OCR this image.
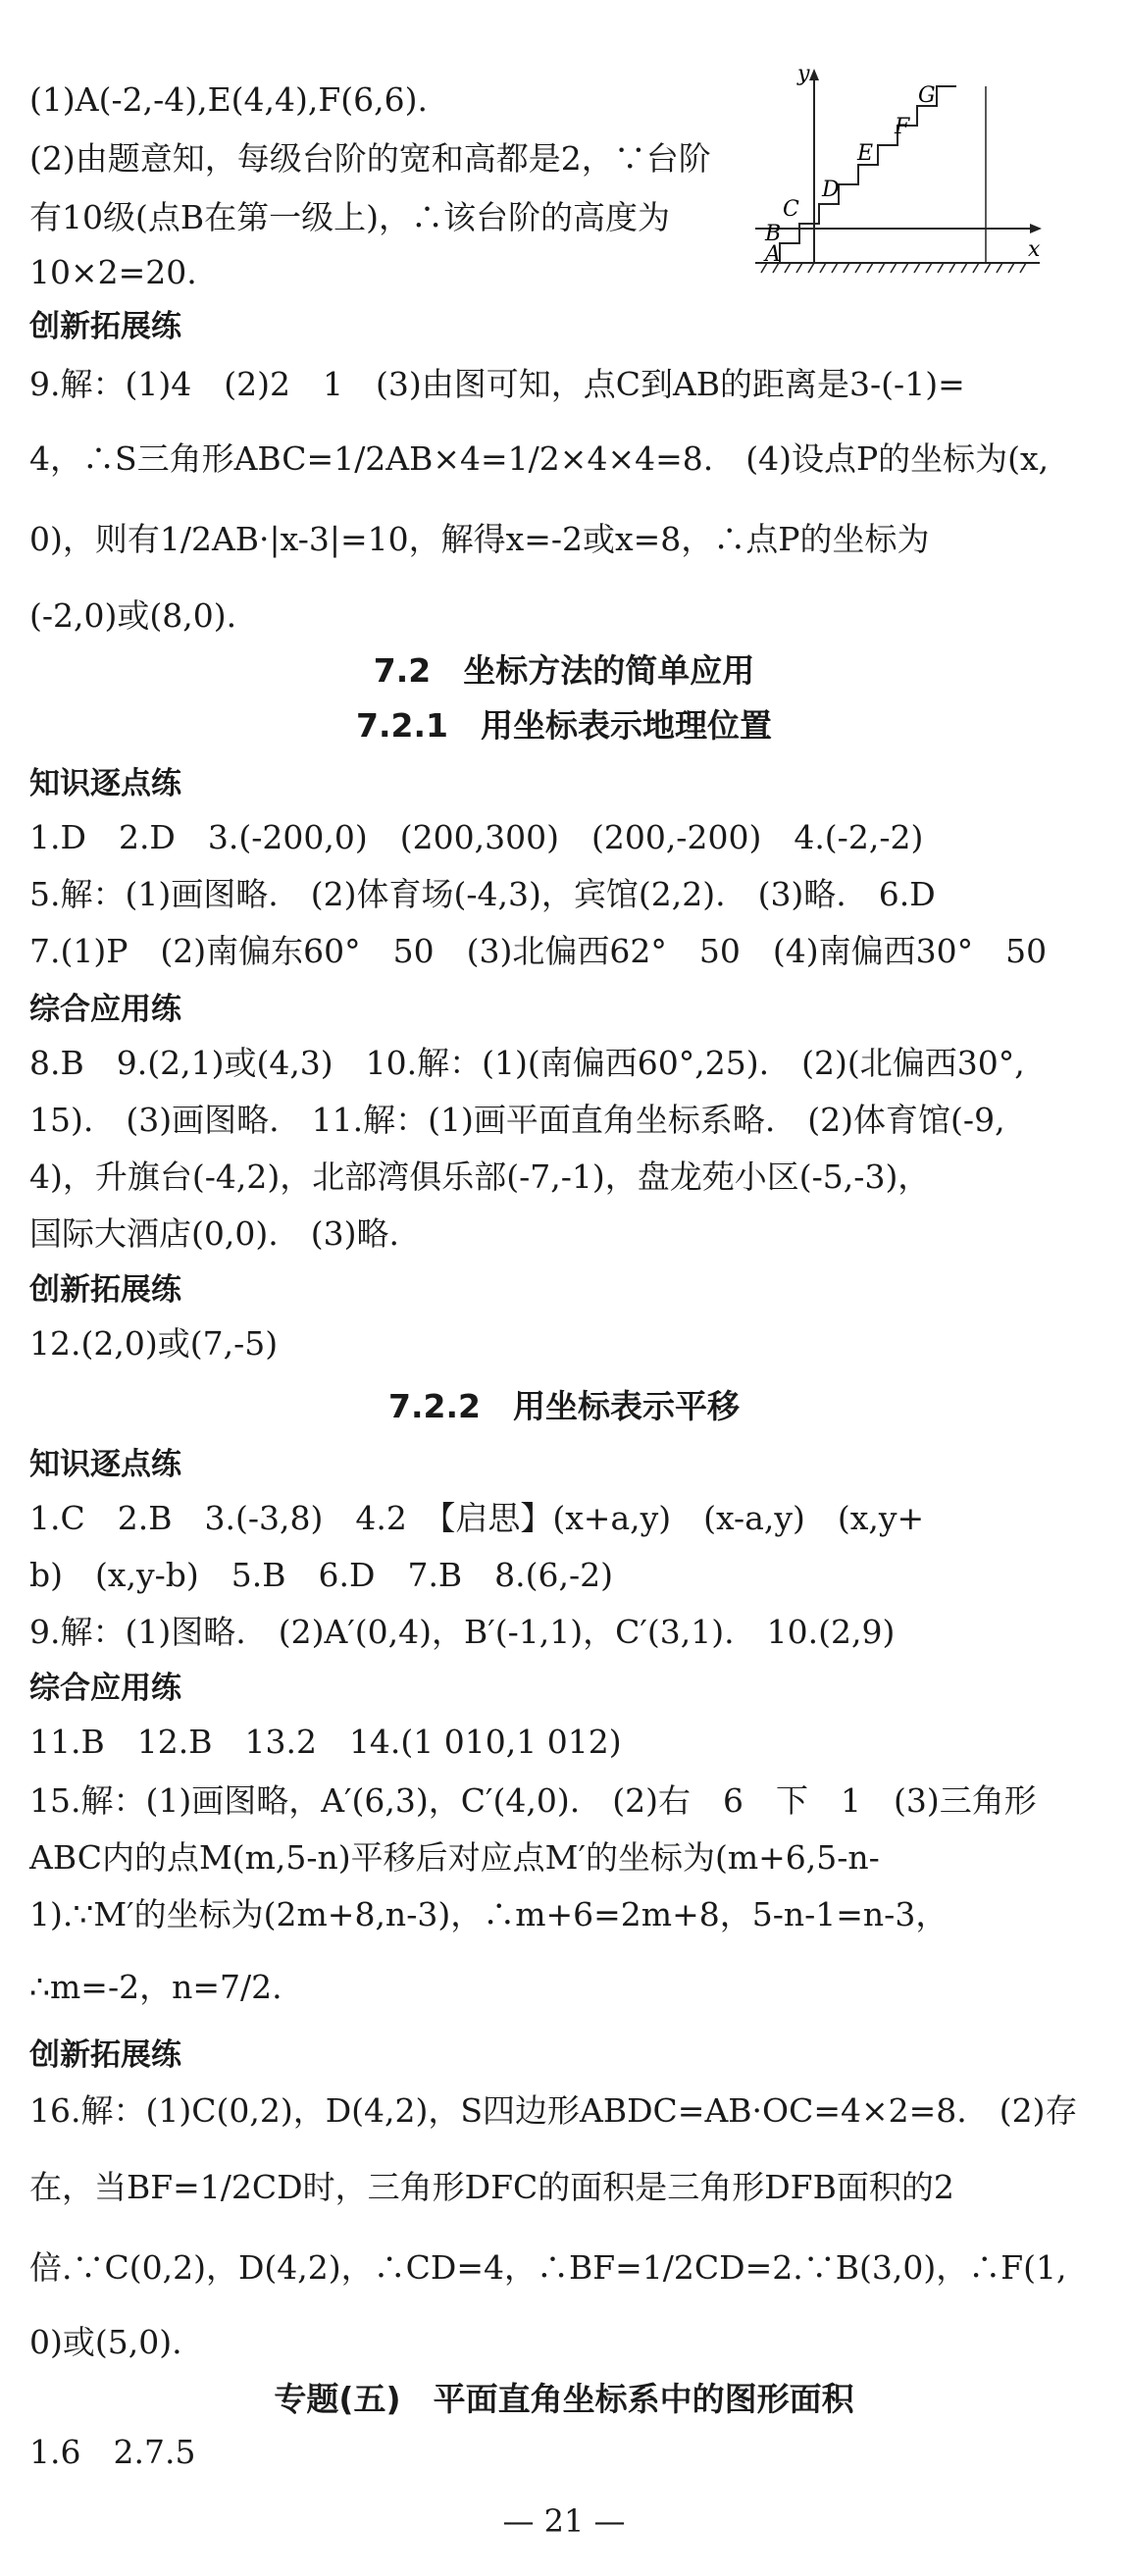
(1)A(-2,-4),E(4,4),F(6,6).
(2)由题意知，每级台阶的宽和高都是2，∵台阶
有10级(点B在第一级上)，∴该台阶的高度为
10×2=20.
y
x
A
B
C
D
E
F
G
创新拓展练
9.解：(1)4　(2)2　1　(3)由图可知，点C到AB的距离是3-(-1)=
4，∴S三角形ABC=1/2AB×4=1/2×4×4=8.　(4)设点P的坐标为(x,
0)，则有1/2AB·|x-3|=10，解得x=-2或x=8，∴点P的坐标为
(-2,0)或(8,0).
7.2　坐标方法的简单应用
7.2.1　用坐标表示地理位置
知识逐点练
1.D　2.D　3.(-200,0)　(200,300)　(200,-200)　4.(-2,-2)
5.解：(1)画图略.　(2)体育场(-4,3)，宾馆(2,2).　(3)略.　6.D
7.(1)P　(2)南偏东60°　50　(3)北偏西62°　50　(4)南偏西30°　50
综合应用练
8.B　9.(2,1)或(4,3)　10.解：(1)(南偏西60°,25).　(2)(北偏西30°,
15).　(3)画图略.　11.解：(1)画平面直角坐标系略.　(2)体育馆(-9,
4)，升旗台(-4,2)，北部湾俱乐部(-7,-1)，盘龙苑小区(-5,-3)，
国际大酒店(0,0).　(3)略.
创新拓展练
12.(2,0)或(7,-5)
7.2.2　用坐标表示平移
知识逐点练
1.C　2.B　3.(-3,8)　4.2　【启思】(x+a,y)　(x-a,y)　(x,y+
b)　(x,y-b)　5.B　6.D　7.B　8.(6,-2)
9.解：(1)图略.　(2)A′(0,4)，B′(-1,1)，C′(3,1).　10.(2,9)
综合应用练
11.B　12.B　13.2　14.(1 010,1 012)
15.解：(1)画图略，A′(6,3)，C′(4,0).　(2)右　6　下　1　(3)三角形
ABC内的点M(m,5-n)平移后对应点M′的坐标为(m+6,5-n-
1).∵M′的坐标为(2m+8,n-3)，∴m+6=2m+8，5-n-1=n-3，
∴m=-2，n=7/2.
创新拓展练
16.解：(1)C(0,2)，D(4,2)，S四边形ABDC=AB·OC=4×2=8.　(2)存
在，当BF=1/2CD时，三角形DFC的面积是三角形DFB面积的2
倍.∵C(0,2)，D(4,2)，∴CD=4，∴BF=1/2CD=2.∵B(3,0)，∴F(1,
0)或(5,0).
专题(五)　平面直角坐标系中的图形面积
1.6　2.7.5
— 21 —
